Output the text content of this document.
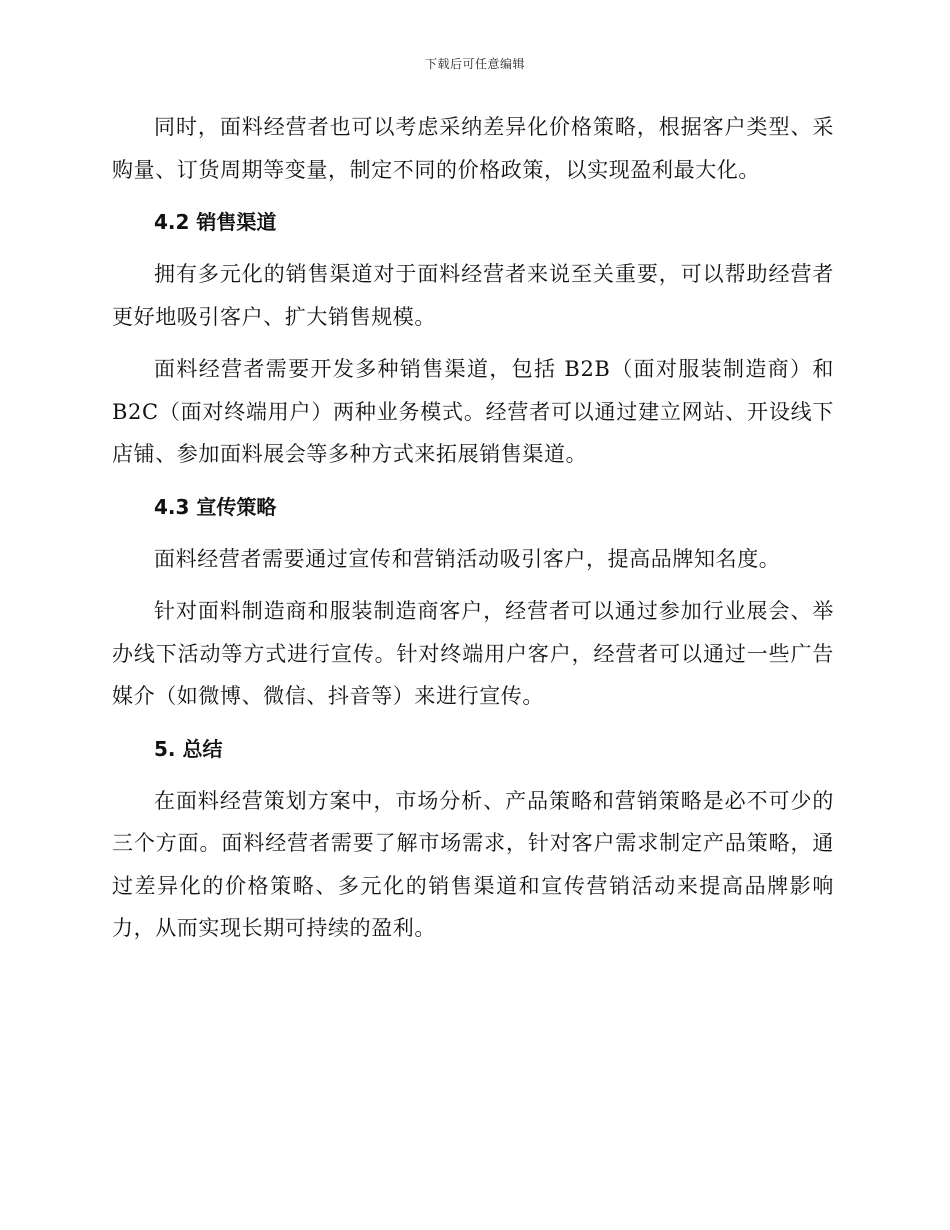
下载后可任意编辑

同时，面料经营者也可以考虑采纳差异化价格策略，根据客户类型、采购量、订货周期等变量，制定不同的价格政策，以实现盈利最大化。

4.2 销售渠道

拥有多元化的销售渠道对于面料经营者来说至关重要，可以帮助经营者更好地吸引客户、扩大销售规模。

面料经营者需要开发多种销售渠道，包括 B2B（面对服装制造商）和 B2C（面对终端用户）两种业务模式。经营者可以通过建立网站、开设线下店铺、参加面料展会等多种方式来拓展销售渠道。

4.3 宣传策略

面料经营者需要通过宣传和营销活动吸引客户，提高品牌知名度。

针对面料制造商和服装制造商客户，经营者可以通过参加行业展会、举办线下活动等方式进行宣传。针对终端用户客户，经营者可以通过一些广告媒介（如微博、微信、抖音等）来进行宣传。

5. 总结

在面料经营策划方案中，市场分析、产品策略和营销策略是必不可少的三个方面。面料经营者需要了解市场需求，针对客户需求制定产品策略，通过差异化的价格策略、多元化的销售渠道和宣传营销活动来提高品牌影响力，从而实现长期可持续的盈利。
